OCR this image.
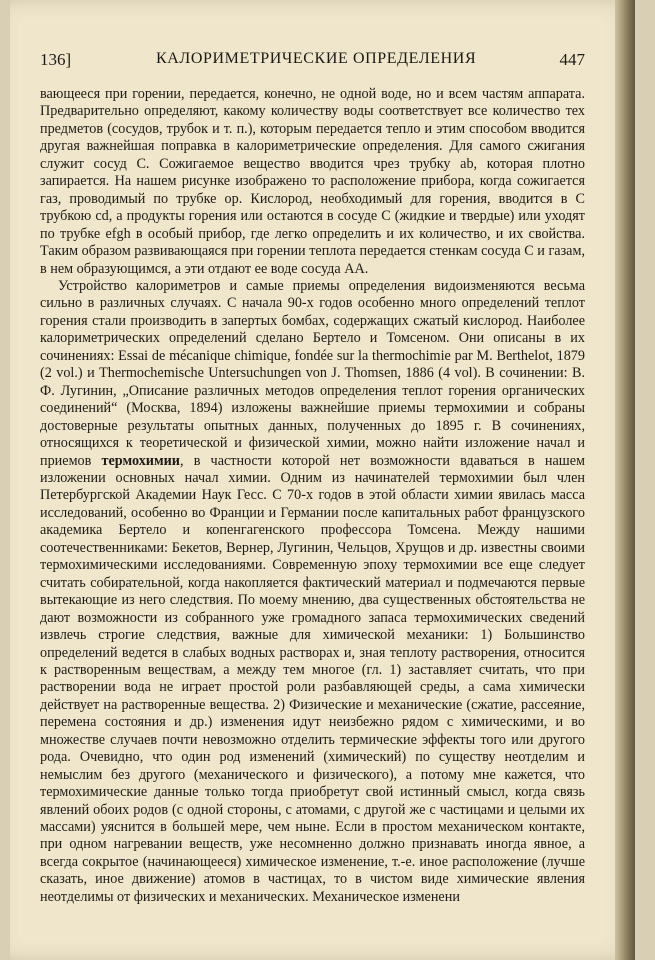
136]	КАЛОРИМЕТРИЧЕСКИЕ ОПРЕДЕЛЕНИЯ	447

вающееся при горении, передается, конечно, не одной воде, но и всем частям аппарата. Предварительно определяют, какому количеству воды соответствует все количество тех предметов (сосудов, трубок и т. п.), которым передается тепло и этим способом вводится другая важнейшая поправка в калориметрические определения. Для самого сжигания служит сосуд C. Сожигаемое вещество вводится чрез трубку ab, которая плотно запирается. На нашем рисунке изображено то расположение прибора, когда сожигается газ, проводимый по трубке op. Кислород, необходимый для горения, вводится в C трубкою cd, а продукты горения или остаются в сосуде C (жидкие и твердые) или уходят по трубке efgh в особый прибор, где легко определить и их количество, и их свойства. Таким образом развивающаяся при горении теплота передается стенкам сосуда C и газам, в нем образующимся, а эти отдают ее воде сосуда AA.

Устройство калориметров и самые приемы определения видоизменяются весьма сильно в различных случаях. С начала 90-х годов особенно много определений теплот горения стали производить в запертых бомбах, содержащих сжатый кислород. Наиболее калориметрических определений сделано Бертело и Томсеном. Они описаны в их сочинениях: Essai de mécanique chimique, fondée sur la thermochimie par M. Berthelot, 1879 (2 vol.) и Thermochemische Untersuchungen von J. Thomsen, 1886 (4 vol). В сочинении: В. Ф. Лугинин, „Описание различных методов определения теплот горения органических соединений“ (Москва, 1894) изложены важнейшие приемы термохимии и собраны достоверные результаты опытных данных, полученных до 1895 г. В сочинениях, относящихся к теоретической и физической химии, можно найти изложение начал и приемов термохимии, в частности которой нет возможности вдаваться в нашем изложении основных начал химии. Одним из начинателей термохимии был член Петербургской Академии Наук Гесс. С 70-х годов в этой области химии явилась масса исследований, особенно во Франции и Германии после капитальных работ французского академика Бертело и копенгагенского профессора Томсена. Между нашими соотечественниками: Бекетов, Вернер, Лугинин, Чельцов, Хрущов и др. известны своими термохимическими исследованиями. Современную эпоху термохимии все еще следует считать собирательной, когда накопляется фактический материал и подмечаются первые вытекающие из него следствия. По моему мнению, два существенных обстоятельства не дают возможности из собранного уже громадного запаса термохимических сведений извлечь строгие следствия, важные для химической механики: 1) Большинство определений ведется в слабых водных растворах и, зная теплоту растворения, относится к растворенным веществам, а между тем многое (гл. 1) заставляет считать, что при растворении вода не играет простой роли разбавляющей среды, а сама химически действует на растворенные вещества. 2) Физические и механические (сжатие, рассеяние, перемена состояния и др.) изменения идут неизбежно рядом с химическими, и во множестве случаев почти невозможно отделить термические эффекты того или другого рода. Очевидно, что один род изменений (химический) по существу неотделим и немыслим без другого (механического и физического), а потому мне кажется, что термохимические данные только тогда приобретут свой истинный смысл, когда связь явлений обоих родов (с одной стороны, с атомами, с другой же с частицами и целыми их массами) уяснится в большей мере, чем ныне. Если в простом механическом контакте, при одном нагревании веществ, уже несомненно должно признавать иногда явное, а всегда сокрытое (начинающееся) химическое изменение, т.-е. иное расположение (лучше сказать, иное движение) атомов в частицах, то в чистом виде химические явления неотделимы от физических и механических. Механическое изменени
